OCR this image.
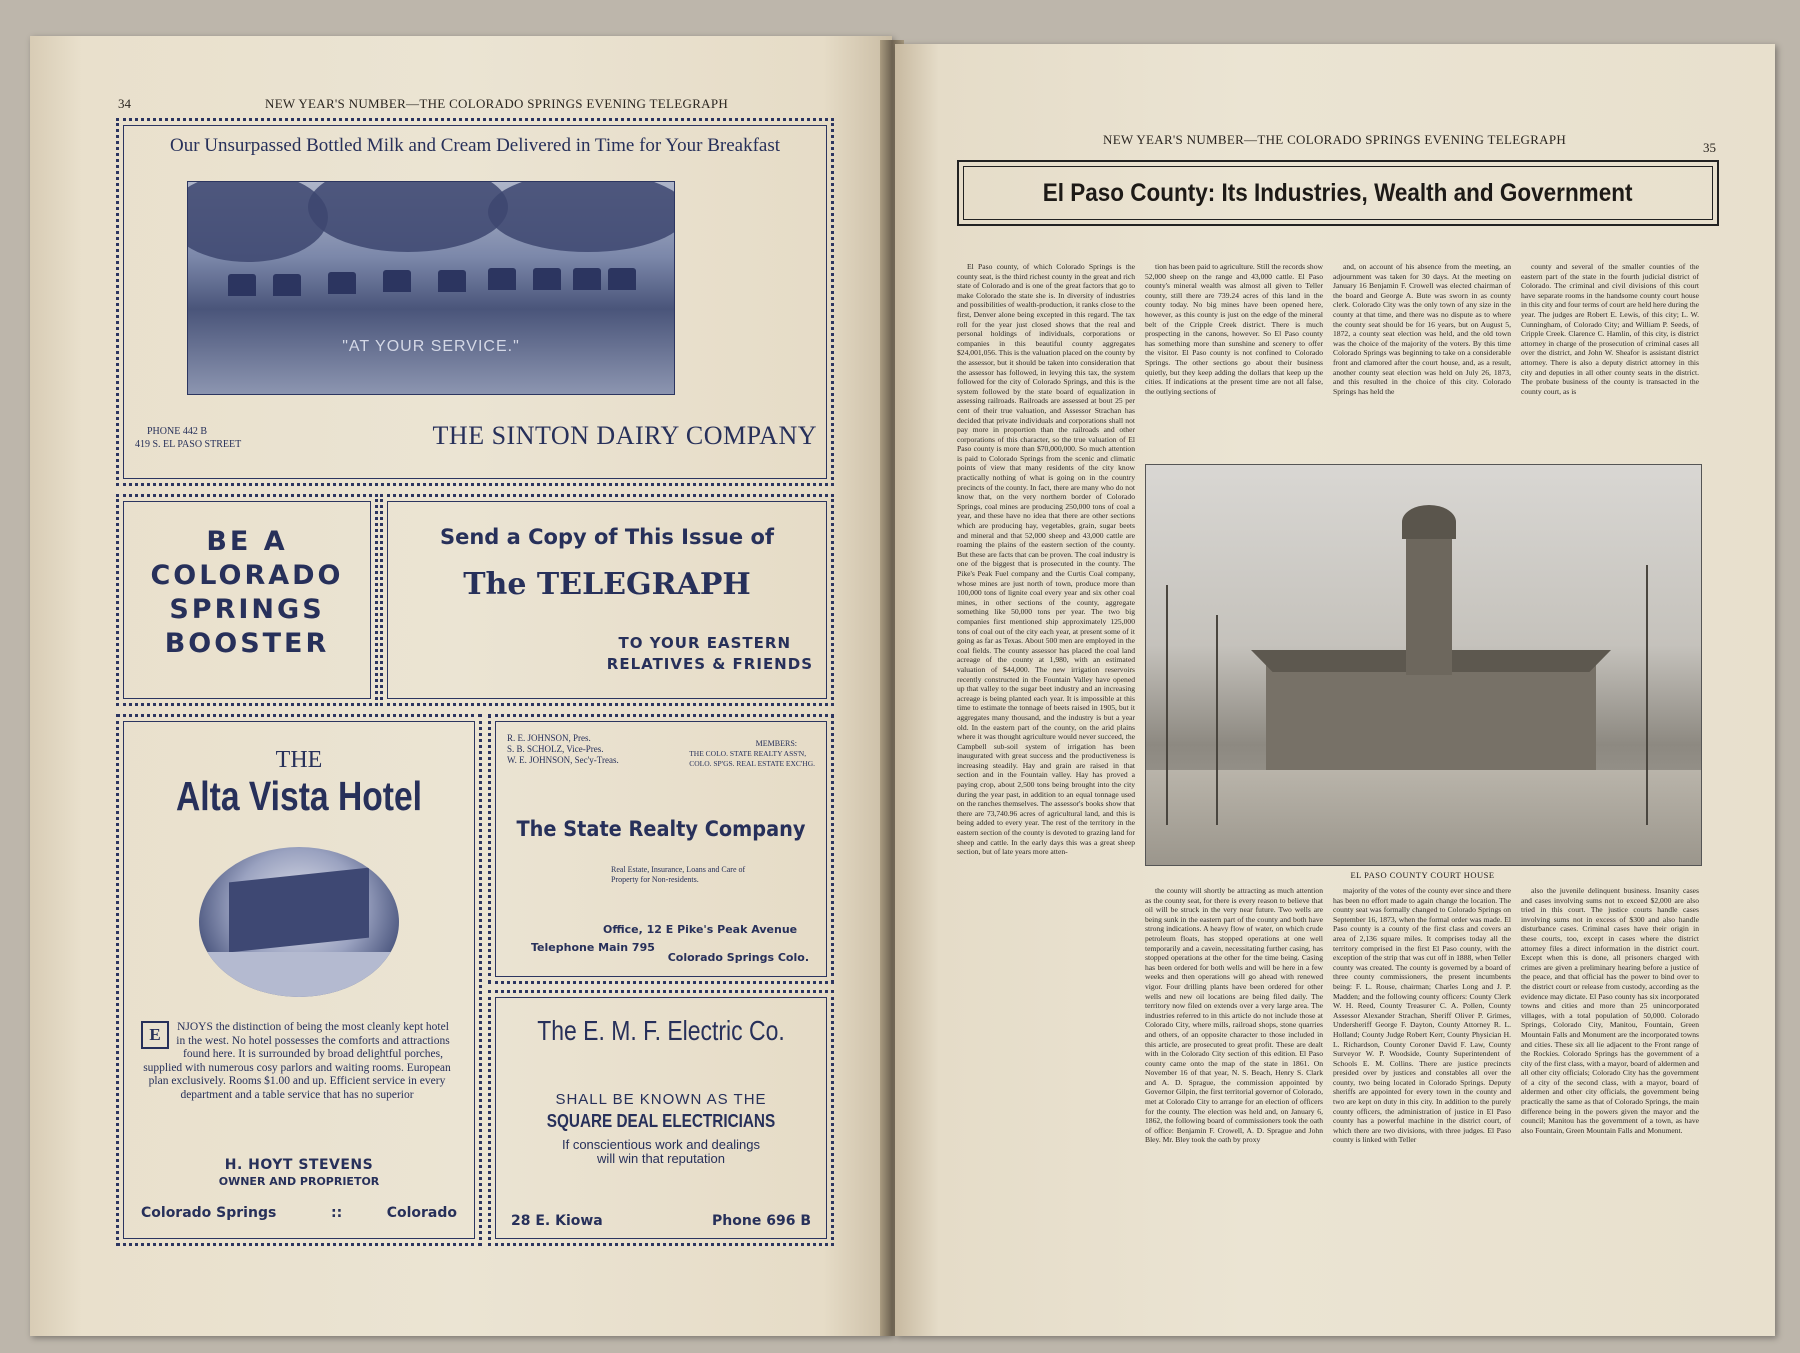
34	NEW YEAR'S NUMBER—THE COLORADO SPRINGS EVENING TELEGRAPH
Our Unsurpassed Bottled Milk and Cream Delivered in Time for Your Breakfast
"AT YOUR SERVICE."
PHONE 442 B
419 S. EL PASO STREET	THE SINTON DAIRY COMPANY
BE A
COLORADO
SPRINGS
BOOSTER
Send a Copy of This Issue of
The TELEGRAPH
TO YOUR EASTERN
RELATIVES & FRIENDS
THE
Alta Vista Hotel
E	NJOYS the distinction of being the most cleanly kept hotel in the west. No hotel possesses the comforts and attractions found here. It is surrounded by broad delightful porches, supplied with numerous cosy parlors and waiting rooms. European plan exclusively. Rooms $1.00 and up. Efficient service in every department and a table service that has no superior
H. HOYT STEVENS
OWNER AND PROPRIETOR
Colorado Springs	::	Colorado
R. E. JOHNSON, Pres.
S. B. SCHOLZ, Vice-Pres.
W. E. JOHNSON, Sec'y-Treas.
MEMBERS:
THE COLO. STATE REALTY ASS'N,
COLO. SP'GS. REAL ESTATE EXC'HG.
The State Realty Company
Real Estate, Insurance, Loans and Care of Property for Non-residents.
Office, 12 E Pike's Peak Avenue
Telephone Main 795
Colorado Springs Colo.
The E. M. F. Electric Co.
SHALL BE KNOWN AS THE
SQUARE DEAL ELECTRICIANS
If conscientious work and dealings
will win that reputation
28 E. Kiowa	Phone 696 B
NEW YEAR'S NUMBER—THE COLORADO SPRINGS EVENING TELEGRAPH
35
El Paso County: Its Industries, Wealth and Government

El Paso county, of which Colorado Springs is the county seat, is the third richest county in the great and rich state of Colorado and is one of the great factors that go to make Colorado the state she is. In diversity of industries and possibilities of wealth-production, it ranks close to the first, Denver alone being excepted in this regard. The tax roll for the year just closed shows that the real and personal holdings of individuals, corporations or companies in this beautiful county aggregates $24,001,056. This is the valuation placed on the county by the assessor, but it should be taken into consideration that the assessor has followed, in levying this tax, the system followed for the city of Colorado Springs, and this is the system followed by the state board of equalization in assessing railroads. Railroads are assessed at bout 25 per cent of their true valuation, and Assessor Strachan has decided that private individuals and corporations shall not pay more in proportion than the railroads and other corporations of this character, so the true valuation of El Paso county is more than $70,000,000. So much attention is paid to Colorado Springs from the scenic and climatic points of view that many residents of the city know practically nothing of what is going on in the country precincts of the county. In fact, there are many who do not know that, on the very northern border of Colorado Springs, coal mines are producing 250,000 tons of coal a year, and these have no idea that there are other sections which are producing hay, vegetables, grain, sugar beets and mineral and that 52,000 sheep and 43,000 cattle are roaming the plains of the eastern section of the county. But these are facts that can be proven. The coal industry is one of the biggest that is prosecuted in the county. The Pike's Peak Fuel company and the Curtis Coal company, whose mines are just north of town, produce more than 100,000 tons of lignite coal every year and six other coal mines, in other sections of the county, aggregate something like 50,000 tons per year. The two big companies first mentioned ship approximately 125,000 tons of coal out of the city each year, at present some of it going as far as Texas. About 500 men are employed in the coal fields. The county assessor has placed the coal land acreage of the county at 1,980, with an estimated valuation of $44,000. The new irrigation reservoirs recently constructed in the Fountain Valley have opened up that valley to the sugar beet industry and an increasing acreage is being planted each year. It is impossible at this time to estimate the tonnage of beets raised in 1905, but it aggregates many thousand, and the industry is but a year old. In the eastern part of the county, on the arid plains where it was thought agriculture would never succeed, the Campbell sub-soil system of irrigation has been inaugurated with great success and the productiveness is increasing steadily. Hay and grain are raised in that section and in the Fountain valley. Hay has proved a paying crop, about 2,500 tons being brought into the city during the year past, in addition to an equal tonnage used on the ranches themselves. The assessor's books show that there are 73,740.96 acres of agricultural land, and this is being added to every year. The rest of the territory in the eastern section of the county is devoted to grazing land for sheep and cattle. In the early days this was a great sheep section, but of late years more atten-

tion has been paid to agriculture. Still the records show 52,000 sheep on the range and 43,000 cattle. El Paso county's mineral wealth was almost all given to Teller county, still there are 739.24 acres of this land in the county today. No big mines have been opened here, however, as this county is just on the edge of the mineral belt of the Cripple Creek district. There is much prospecting in the canons, however. So El Paso county has something more than sunshine and scenery to offer the visitor. El Paso county is not confined to Colorado Springs. The other sections go about their business quietly, but they keep adding the dollars that keep up the cities. If indications at the present time are not all false, the outlying sections of

and, on account of his absence from the meeting, an adjournment was taken for 30 days. At the meeting on January 16 Benjamin F. Crowell was elected chairman of the board and George A. Bute was sworn in as county clerk. Colorado City was the only town of any size in the county at that time, and there was no dispute as to where the county seat should be for 16 years, but on August 5, 1872, a county seat election was held, and the old town was the choice of the majority of the voters. By this time Colorado Springs was beginning to take on a considerable front and clamored after the court house, and, as a result, another county seat election was held on July 26, 1873, and this resulted in the choice of this city. Colorado Springs has held the

county and several of the smaller counties of the eastern part of the state in the fourth judicial district of Colorado. The criminal and civil divisions of this court have separate rooms in the handsome county court house in this city and four terms of court are held here during the year. The judges are Robert E. Lewis, of this city; L. W. Cunningham, of Colorado City; and William P. Seeds, of Cripple Creek. Clarence C. Hamlin, of this city, is district attorney in charge of the prosecution of criminal cases all over the district, and John W. Sheafor is assistant district attorney. There is also a deputy district attorney in this city and deputies in all other county seats in the district. The probate business of the county is transacted in the county court, as is

EL PASO COUNTY COURT HOUSE

the county will shortly be attracting as much attention as the county seat, for there is every reason to believe that oil will be struck in the very near future. Two wells are being sunk in the eastern part of the county and both have strong indications. A heavy flow of water, on which crude petroleum floats, has stopped operations at one well temporarily and a cavein, necessitating further casing, has stopped operations at the other for the time being. Casing has been ordered for both wells and will be here in a few weeks and then operations will go ahead with renewed vigor. Four drilling plants have been ordered for other wells and new oil locations are being filed daily. The territory now filed on extends over a very large area. The industries referred to in this article do not include those at Colorado City, where mills, railroad shops, stone quarries and others, of an opposite character to those included in this article, are prosecuted to great profit. These are dealt with in the Colorado City section of this edition. El Paso county came onto the map of the state in 1861. On November 16 of that year, N. S. Beach, Henry S. Clark and A. D. Sprague, the commission appointed by Governor Gilpin, the first territorial governor of Colorado, met at Colorado City to arrange for an election of officers for the county. The election was held and, on January 6, 1862, the following board of commissioners took the oath of office: Benjamin F. Crowell, A. D. Sprague and John Bley. Mr. Bley took the oath by proxy

majority of the votes of the county ever since and there has been no effort made to again change the location. The county seat was formally changed to Colorado Springs on September 16, 1873, when the formal order was made. El Paso county is a county of the first class and covers an area of 2,136 square miles. It comprises today all the territory comprised in the first El Paso county, with the exception of the strip that was cut off in 1888, when Teller county was created. The county is governed by a board of three county commissioners, the present incumbents being: F. L. Rouse, chairman; Charles Long and J. P. Madden; and the following county officers: County Clerk W. H. Reed, County Treasurer C. A. Pollen, County Assessor Alexander Strachan, Sheriff Oliver P. Grimes, Undersheriff George F. Dayton, County Attorney R. L. Holland; County Judge Robert Kerr, County Physician H. L. Richardson, County Coroner David F. Law, County Surveyor W. P. Woodside, County Superintendent of Schools E. M. Collins. There are justice precincts presided over by justices and constables all over the county, two being located in Colorado Springs. Deputy sheriffs are appointed for every town in the county and two are kept on duty in this city. In addition to the purely county officers, the administration of justice in El Paso county has a powerful machine in the district court, of which there are two divisions, with three judges. El Paso county is linked with Teller

also the juvenile delinquent business. Insanity cases and cases involving sums not to exceed $2,000 are also tried in this court. The justice courts handle cases involving sums not in excess of $300 and also handle disturbance cases. Criminal cases have their origin in these courts, too, except in cases where the district attorney files a direct information in the district court. Except when this is done, all prisoners charged with crimes are given a preliminary hearing before a justice of the peace, and that official has the power to bind over to the district court or release from custody, according as the evidence may dictate. El Paso county has six incorporated towns and cities and more than 25 unincorporated villages, with a total population of 50,000. Colorado Springs, Colorado City, Manitou, Fountain, Green Mountain Falls and Monument are the incorporated towns and cities. These six all lie adjacent to the Front range of the Rockies. Colorado Springs has the government of a city of the first class, with a mayor, board of aldermen and all other city officials; Colorado City has the government of a city of the second class, with a mayor, board of aldermen and other city officials, the government being practically the same as that of Colorado Springs, the main difference being in the powers given the mayor and the council; Manitou has the government of a town, as have also Fountain, Green Mountain Falls and Monument.
